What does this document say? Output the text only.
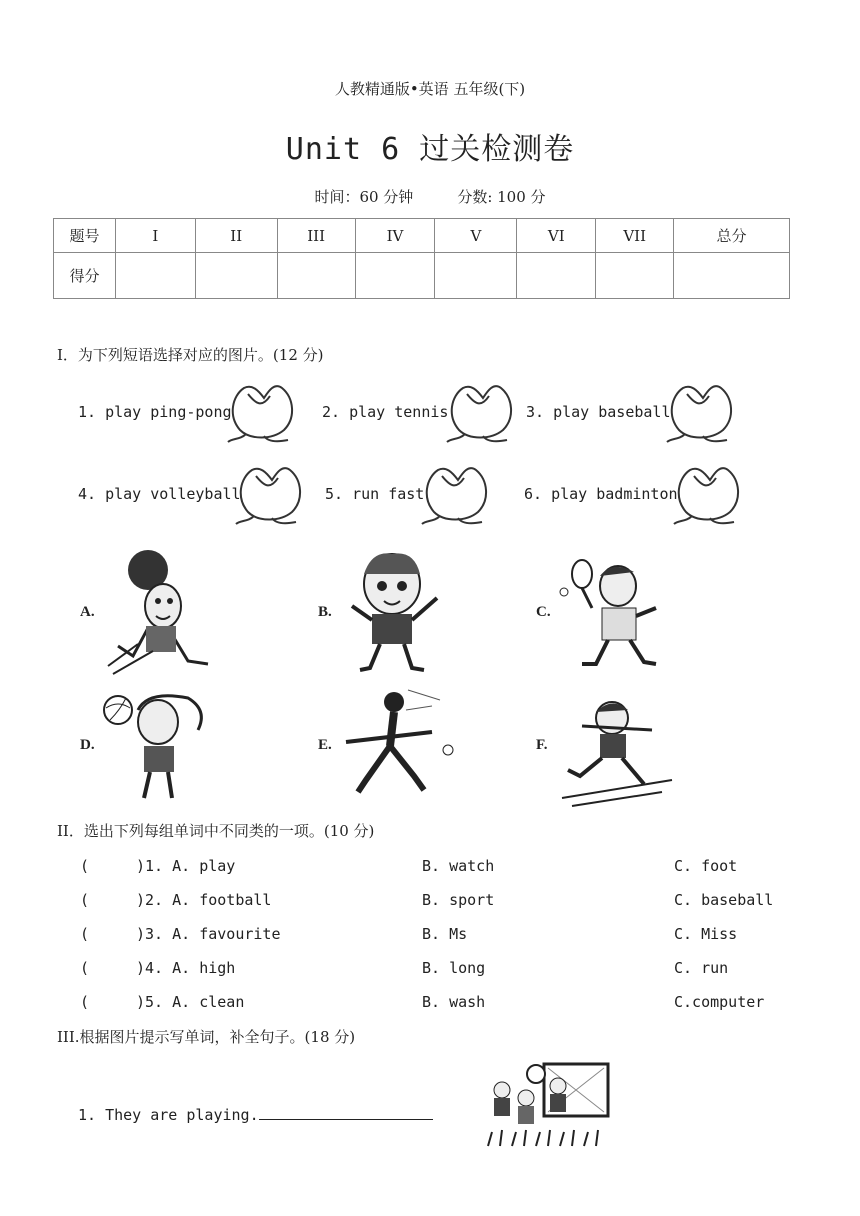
人教精通版•英语 五年级(下)
Unit 6 过关检测卷
时间：60 分钟	分数: 100 分
题号	I	II	III	IV	V	VI	VII	总分
得分								
I．为下列短语选择对应的图片。(12 分)
1. play ping-pong	2. play tennis	3. play baseball
4. play volleyball	5. run fast	6. play badminton
A.	B.	C.
D.	E.	F.
II．选出下列每组单词中不同类的一项。(10 分)
(	)1. A. play	B. watch	C. foot
(	)2. A. football	B. sport	C. baseball
(	)3. A. favourite	B. Ms	C. Miss
(	)4. A. high	B. long	C. run
(	)5. A. clean	B. wash	C.computer
III.根据图片提示写单词，补全句子。(18 分)
1. They are playing.
